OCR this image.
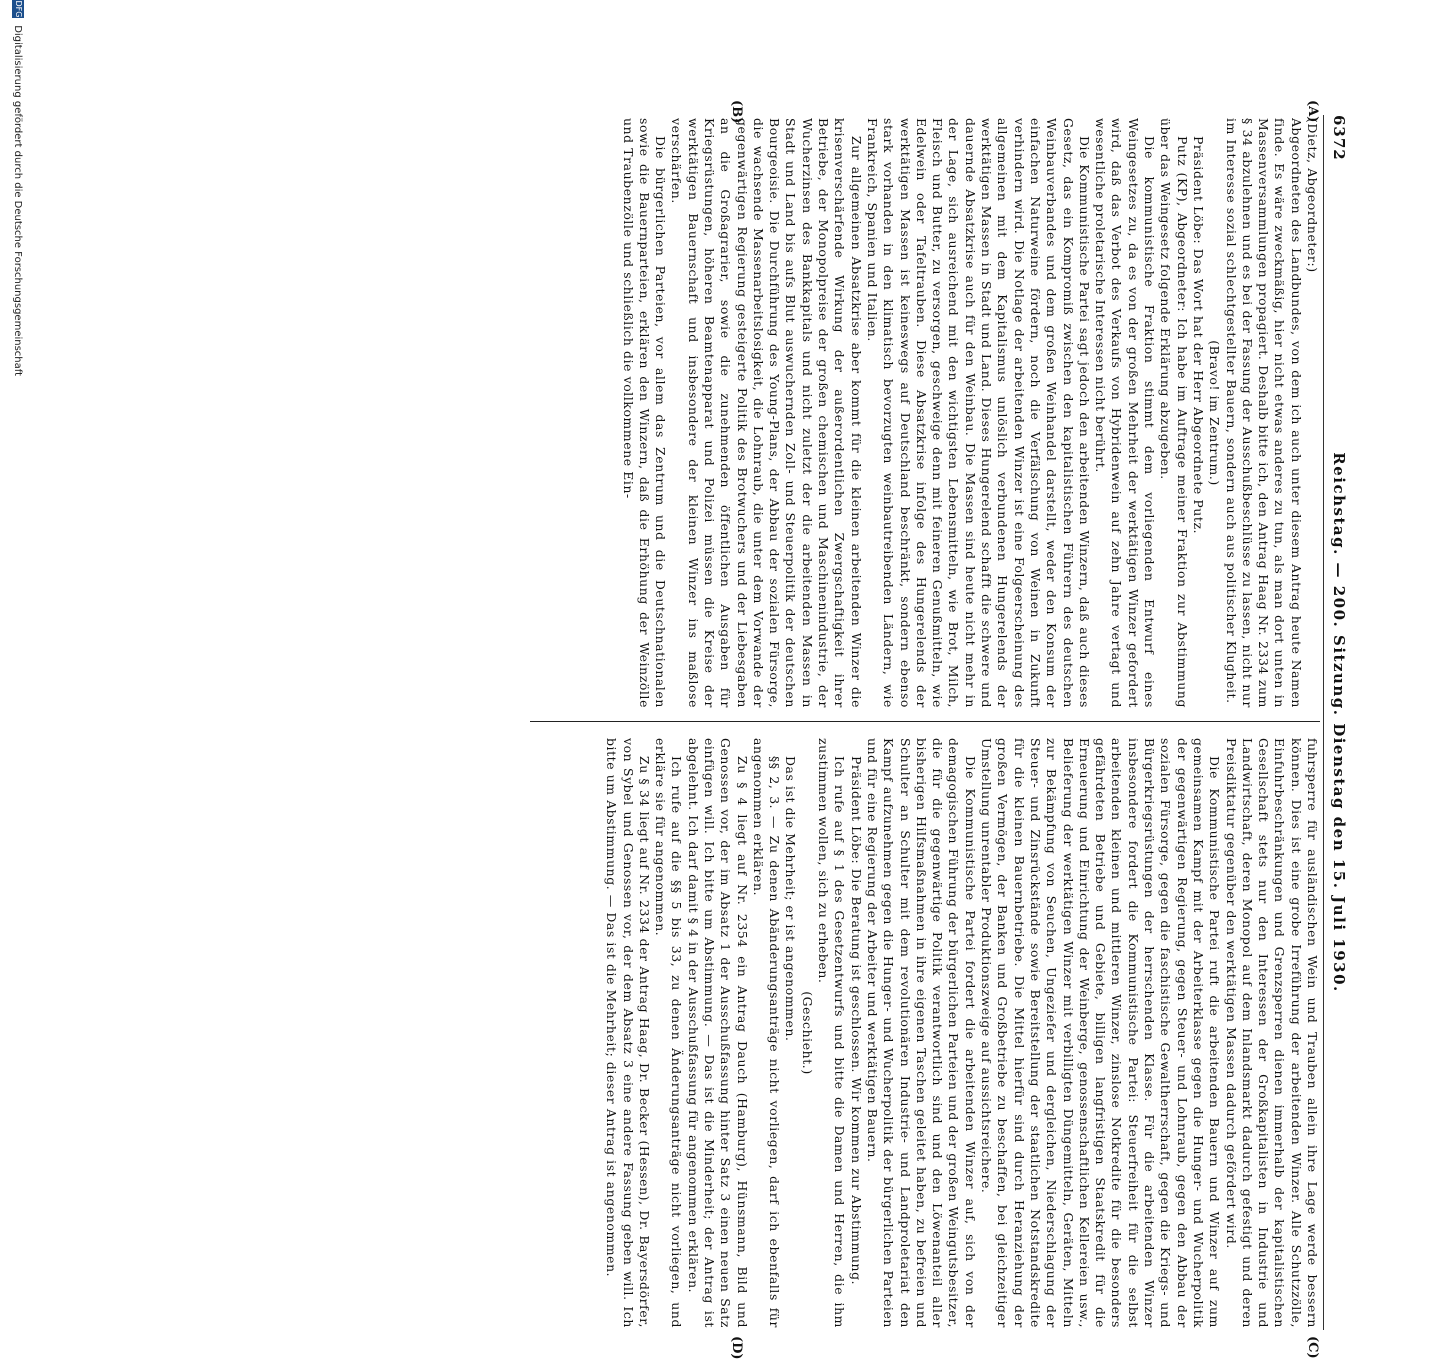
6372
Reichstag. — 200. Sitzung. Dienstag den 15. Juli 1930.
(A)
(B)
(C)
(D)

(Dietz, Abgeordneter:)

Abgeordneten des Landbundes, von dem ich auch unter diesem Antrag heute Namen finde. Es wäre zweckmäßig, hier nicht etwas anderes zu tun, als man dort unten in Massenversammlungen propagiert. Deshalb bitte ich, den Antrag Haag Nr. 2334 zum § 34 abzulehnen und es bei der Fassung der Ausschußbeschlüsse zu lassen, nicht nur im Interesse sozial schlechtgestellter Bauern, sondern auch aus politischer Klugheit.

(Bravo! im Zentrum.)

Präsident Löbe: Das Wort hat der Herr Abgeordnete Putz.

Putz (KP), Abgeordneter: Ich habe im Auftrage meiner Fraktion zur Abstimmung über das Weingesetz folgende Erklärung abzugeben.

Die kommunistische Fraktion stimmt dem vorliegenden Entwurf eines Weingesetzes zu, da es von der großen Mehrheit der werktätigen Winzer gefordert wird, daß das Verbot des Verkaufs von Hybridenwein auf zehn Jahre vertagt und wesentliche proletarische Interessen nicht berührt.

Die Kommunistische Partei sagt jedoch den arbeitenden Winzern, daß auch dieses Gesetz, das ein Kompromiß zwischen den kapitalistischen Führern des deutschen Weinbauverbandes und dem großen Weinhandel darstellt, weder den Konsum der einfachen Naturweine fördern, noch die Verfälschung von Weinen in Zukunft verhindern wird. Die Notlage der arbeitenden Winzer ist eine Folgeerscheinung des allgemeinen mit dem Kapitalismus unlöslich verbundenen Hungerelends der werktätigen Massen in Stadt und Land. Dieses Hungerelend schafft die schwere und dauernde Absatzkrise auch für den Weinbau. Die Massen sind heute nicht mehr in der Lage, sich ausreichend mit den wichtigsten Lebensmitteln, wie Brot, Milch, Fleisch und Butter, zu versorgen, geschweige denn mit feineren Genußmitteln, wie Edelwein oder Tafeltrauben. Diese Absatzkrise infolge des Hungerelends der werktätigen Massen ist keineswegs auf Deutschland beschränkt, sondern ebenso stark vorhanden in den klimatisch bevorzugten weinbautreibenden Ländern, wie Frankreich, Spanien und Italien.

Zur allgemeinen Absatzkrise aber kommt für die kleinen arbeitenden Winzer die krisenverschärfende Wirkung der außerordentlichen Zwergschaftigkeit ihrer Betriebe, der Monopolpreise der großen chemischen und Maschinenindustrie, der Wucherzinsen des Bankkapitals und nicht zuletzt der die arbeitenden Massen in Stadt und Land bis aufs Blut auswuchernden Zoll- und Steuerpolitik der deutschen Bourgeoisie. Die Durchführung des Young-Plans, der Abbau der sozialen Fürsorge, die wachsende Massenarbeitslosigkeit, die Lohnraub, die unter dem Vorwande der gegenwärtigen Regierung gesteigerte Politik des Brotwuchers und der Liebesgaben an die Großagrarier, sowie die zunehmenden öffentlichen Ausgaben für Kriegsrüstungen, höheren Beamtenapparat und Polizei müssen die Kreise der werktätigen Bauernschaft und insbesondere der kleinen Winzer ins maßlose verschärfen.

Die bürgerlichen Parteien, vor allem das Zentrum und die Deutschnationalen sowie die Bauernparteien, erklären den Winzern, daß die Erhöhung der Weinzölle und Traubenzölle und schließlich die vollkommene Ein-

fuhrsperre für ausländischen Wein und Trauben allein ihre Lage werde bessern können. Dies ist eine grobe Irreführung der arbeitenden Winzer. Alle Schutzzölle, Einfuhrbeschränkungen und Grenzsperren dienen immerhalb der kapitalistischen Gesellschaft stets nur den Interessen der Großkapitalisten in Industrie und Landwirtschaft, deren Monopol auf dem Inlandsmarkt dadurch gefestigt und deren Preisdiktatur gegenüber den werktätigen Massen dadurch gefördert wird.

Die Kommunistische Partei ruft die arbeitenden Bauern und Winzer auf zum gemeinsamen Kampf mit der Arbeiterklasse gegen die Hunger- und Wucherpolitik der gegenwärtigen Regierung, gegen Steuer- und Lohnraub, gegen den Abbau der sozialen Fürsorge, gegen die faschistische Gewaltherrschaft, gegen die Kriegs- und Bürgerkriegsrüstungen der herrschenden Klasse. Für die arbeitenden Winzer insbesondere fordert die Kommunistische Partei: Steuerfreiheit für die selbst arbeitenden kleinen und mittleren Winzer, zinslose Notkredite für die besonders gefährdeten Betriebe und Gebiete, billigen langfristigen Staatskredit für die Erneuerung und Einrichtung der Weinberge, genossenschaftlichen Kellereien usw., Belieferung der werktätigen Winzer mit verbilligten Düngemitteln, Geräten, Mitteln zur Bekämpfung von Seuchen, Ungeziefer und dergleichen, Niederschlagung der Steuer- und Zinsrückstände sowie Bereitstellung der staatlichen Notstandskredite für die kleinen Bauernbetriebe. Die Mittel hierfür sind durch Heranziehung der großen Vermögen, der Banken und Großbetriebe zu beschaffen, bei gleichzeitiger Umstellung unrentabler Produktionszweige auf aussichtsreichere.

Die Kommunistische Partei fordert die arbeitenden Winzer auf, sich von der demagogischen Führung der bürgerlichen Parteien und der großen Weingutsbesitzer, die für die gegenwärtige Politik verantwortlich sind und den Löwenanteil aller bisherigen Hilfsmaßnahmen in ihre eigenen Taschen geleitet haben, zu befreien und Schulter an Schulter mit dem revolutionären Industrie- und Landproletariat den Kampf aufzunehmen gegen die Hunger- und Wucherpolitik der bürgerlichen Parteien und für eine Regierung der Arbeiter und werktätigen Bauern.

Präsident Löbe: Die Beratung ist geschlossen. Wir kommen zur Abstimmung.

Ich rufe auf § 1 des Gesetzentwurfs und bitte die Damen und Herren, die ihm zustimmen wollen, sich zu erheben.

(Geschieht.)

Das ist die Mehrheit; er ist angenommen.

§§ 2, 3. — Zu denen Abänderungsanträge nicht vorliegen, darf ich ebenfalls für angenommen erklären.

Zu § 4 liegt auf Nr. 2354 ein Antrag Dauch (Hamburg), Hünsmann, Bild und Genossen vor, der im Absatz 1 der Ausschußfassung hinter Satz 3 einen neuen Satz einfügen will. Ich bitte um Abstimmung. — Das ist die Minderheit; der Antrag ist abgelehnt. Ich darf damit § 4 in der Ausschußfassung für angenommen erklären.

Ich rufe auf die §§ 5 bis 33, zu denen Änderungsanträge nicht vorliegen, und erkläre sie für angenommen.

Zu § 34 liegt auf Nr. 2334 der Antrag Haag, Dr. Becker (Hessen), Dr. Bayersdörfer, von Sybel und Genossen vor, der dem Absatz 3 eine andere Fassung geben will. Ich bitte um Abstimmung. — Das ist die Mehrheit; dieser Antrag ist angenommen.

DFG Digitalisierung gefördert durch die Deutsche Forschungsgemeinschaft
